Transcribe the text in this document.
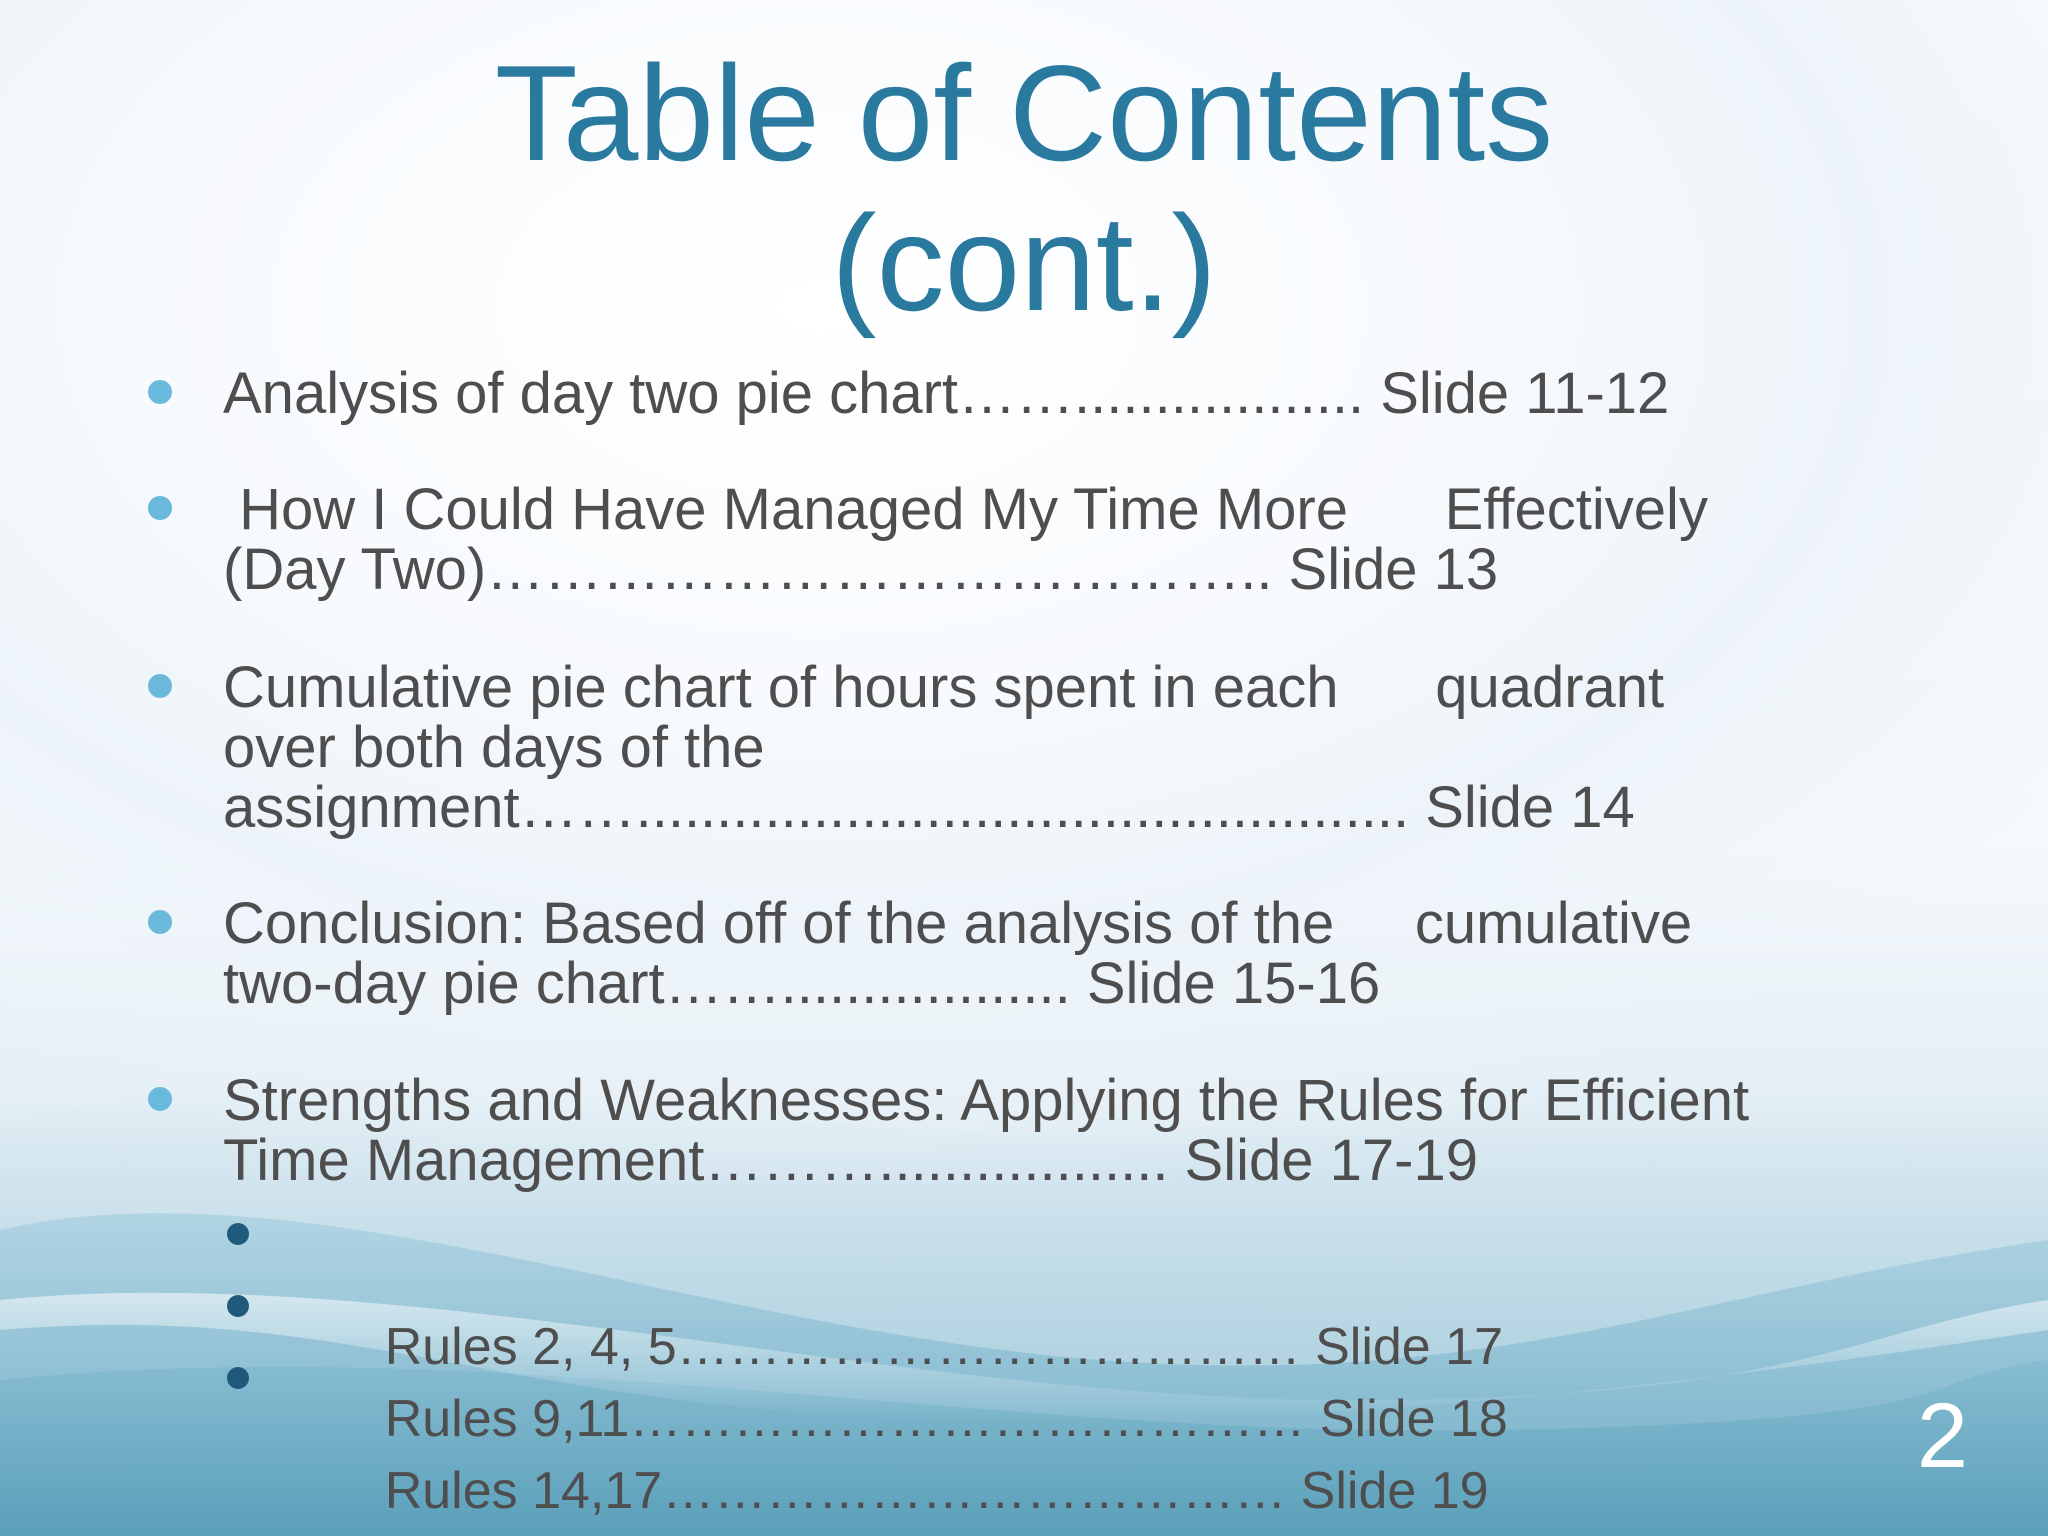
Table of Contents
(cont.)
Analysis of day two pie chart…….................. Slide 11-12
How I Could Have Managed My Time More      Effectively
(Day Two)………………………………….. Slide 13
Cumulative pie chart of hours spent in each      quadrant
over both days of the
assignment……................................................ Slide 14
Conclusion: Based off of the analysis of the     cumulative
two-day pie chart…….................. Slide 15-16
Strengths and Weaknesses: Applying the Rules for Efficient
Time Management……….................. Slide 17-19

Rules 2, 4, 5……………………………… Slide 17

Rules 9,11………………………………… Slide 18

Rules 14,17……………………………… Slide 19

2
